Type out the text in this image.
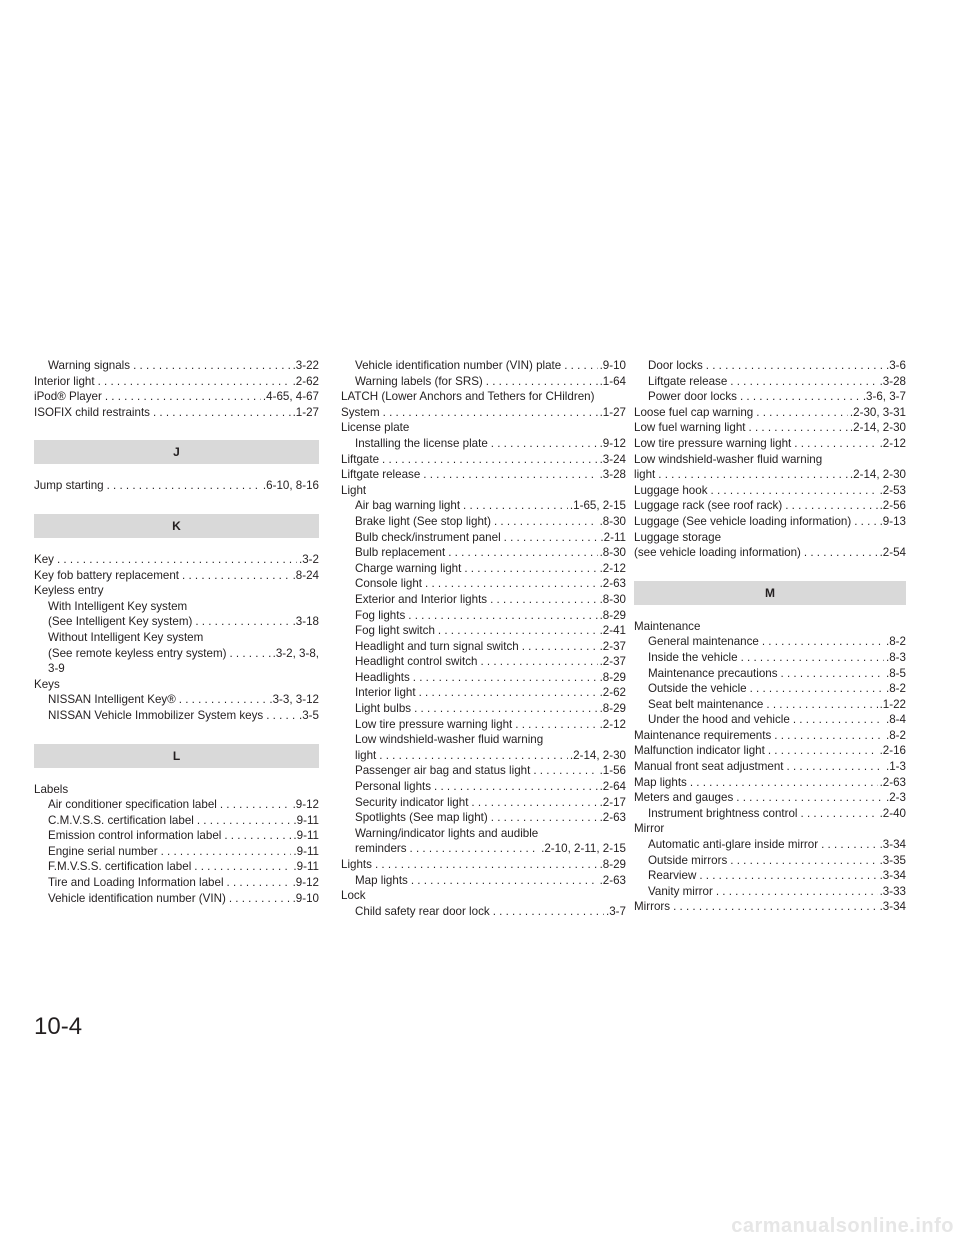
Warning signals . . .	.3-22
Interior light . . .	.2-62
iPod® Player . . .	.4-65, 4-67
ISOFIX child restraints . . .	.1-27
J
Jump starting . . .	.6-10, 8-16
K
Key . . .	.3-2
Key fob battery replacement . . .	.8-24
Keyless entry
With Intelligent Key system
(See Intelligent Key system) . . .	.3-18
Without Intelligent Key system
(See remote keyless entry system) . . .	.3-2, 3-8,
3-9
Keys
NISSAN Intelligent Key® . . .	.3-3, 3-12
NISSAN Vehicle Immobilizer System keys . . .	.3-5
L
Labels
Air conditioner specification label . . .	.9-12
C.M.V.S.S. certification label . . .	.9-11
Emission control information label . . .	.9-11
Engine serial number . . .	.9-11
F.M.V.S.S. certification label . . .	.9-11
Tire and Loading Information label . . .	.9-12
Vehicle identification number (VIN) . . .	.9-10
Vehicle identification number (VIN) plate . . .	.9-10
Warning labels (for SRS) . . .	.1-64
LATCH (Lower Anchors and Tethers for CHildren)
System . . .	.1-27
License plate
Installing the license plate . . .	.9-12
Liftgate . . .	.3-24
Liftgate release . . .	.3-28
Light
Air bag warning light . . .	.1-65, 2-15
Brake light (See stop light) . . .	.8-30
Bulb check/instrument panel . . .	.2-11
Bulb replacement . . .	.8-30
Charge warning light . . .	.2-12
Console light . . .	.2-63
Exterior and Interior lights . . .	.8-30
Fog lights . . .	.8-29
Fog light switch . . .	.2-41
Headlight and turn signal switch . . .	.2-37
Headlight control switch . . .	.2-37
Headlights . . .	.8-29
Interior light . . .	.2-62
Light bulbs . . .	.8-29
Low tire pressure warning light . . .	.2-12
Low windshield-washer fluid warning
light . . .	.2-14, 2-30
Passenger air bag and status light . . .	.1-56
Personal lights . . .	.2-64
Security indicator light . . .	.2-17
Spotlights (See map light) . . .	.2-63
Warning/indicator lights and audible
reminders . . .	.2-10, 2-11, 2-15
Lights . . .	.8-29
Map lights . . .	.2-63
Lock
Child safety rear door lock . . .	.3-7
Door locks . . .	.3-6
Liftgate release . . .	.3-28
Power door locks . . .	.3-6, 3-7
Loose fuel cap warning . . .	.2-30, 3-31
Low fuel warning light . . .	.2-14, 2-30
Low tire pressure warning light . . .	.2-12
Low windshield-washer fluid warning
light . . .	.2-14, 2-30
Luggage hook . . .	.2-53
Luggage rack (see roof rack) . . .	.2-56
Luggage (See vehicle loading information) . . . .9-13
Luggage storage
(see vehicle loading information) . . .	.2-54
M
Maintenance
General maintenance . . .	.8-2
Inside the vehicle . . .	.8-3
Maintenance precautions . . .	.8-5
Outside the vehicle . . .	.8-2
Seat belt maintenance . . .	.1-22
Under the hood and vehicle . . .	.8-4
Maintenance requirements . . .	.8-2
Malfunction indicator light . . .	.2-16
Manual front seat adjustment . . .	.1-3
Map lights . . .	.2-63
Meters and gauges . . .	.2-3
Instrument brightness control . . .	.2-40
Mirror
Automatic anti-glare inside mirror . . .	.3-34
Outside mirrors . . .	.3-35
Rearview . . .	.3-34
Vanity mirror . . .	.3-33
Mirrors . . .	.3-34
10-4
carmanualsonline.info
